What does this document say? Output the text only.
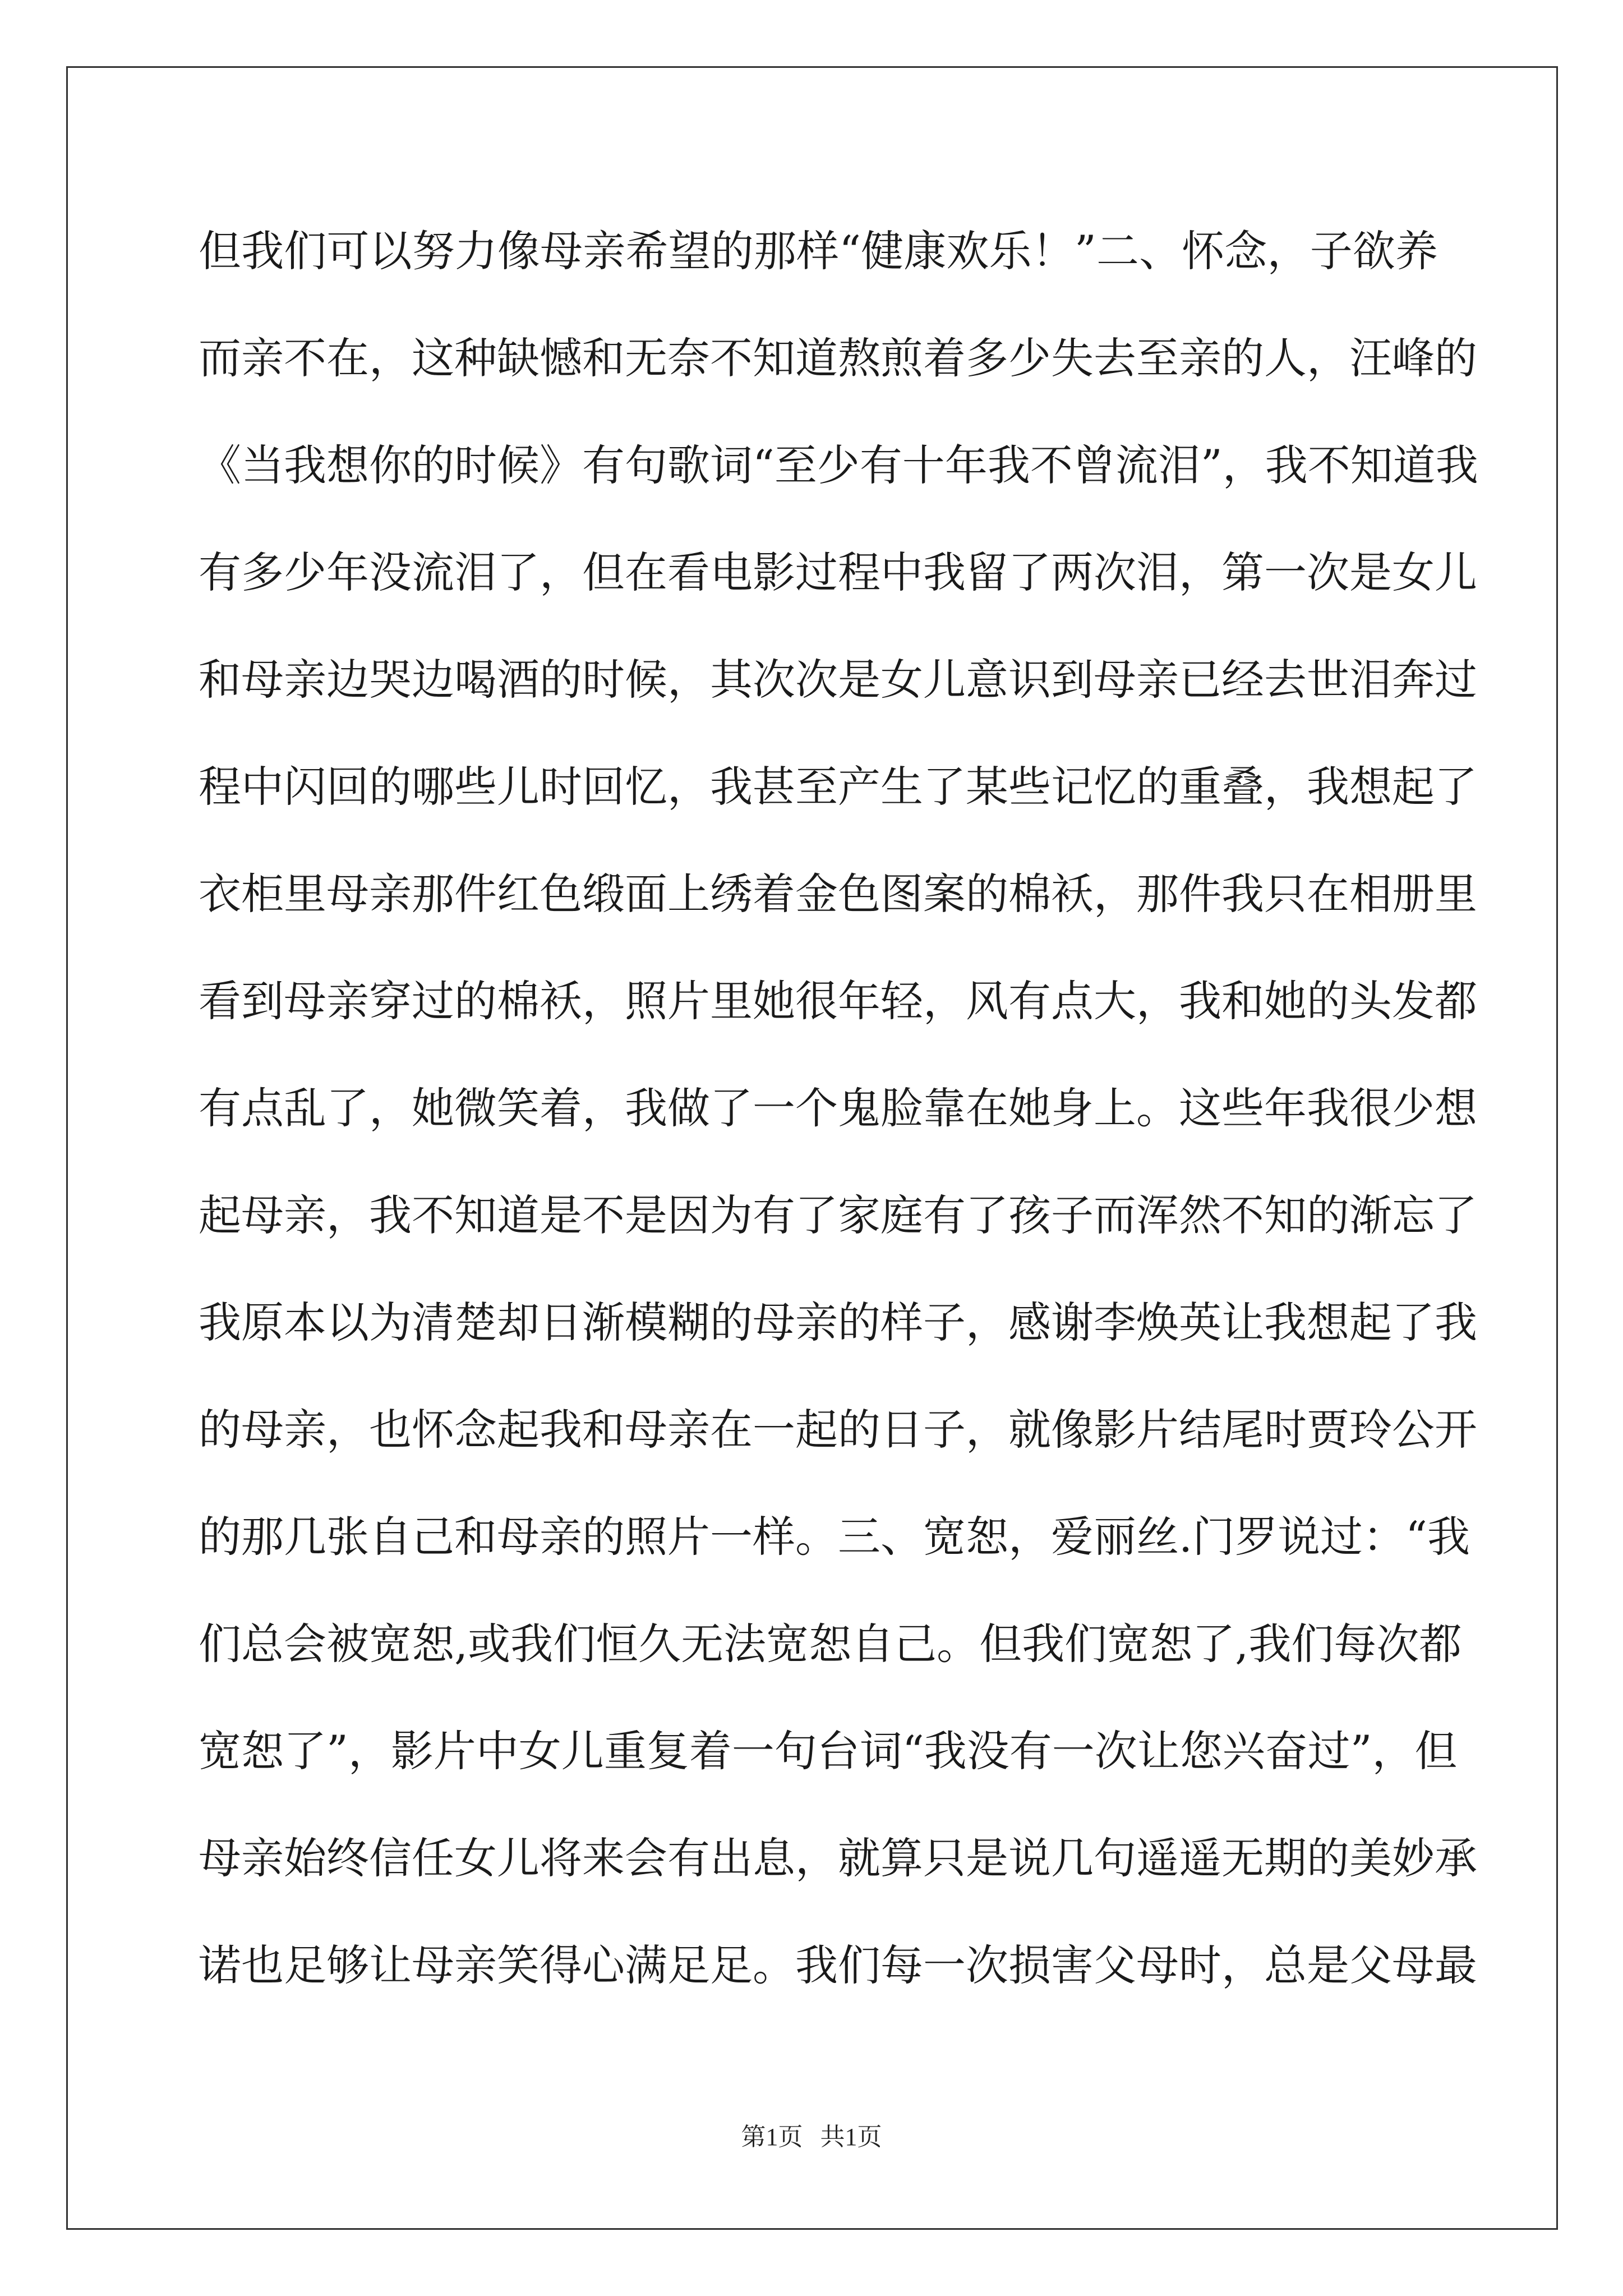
但我们可以努力像母亲希望的那样“健康欢乐！”二、怀念，子欲养
而亲不在，这种缺憾和无奈不知道熬煎着多少失去至亲的人，汪峰的
《当我想你的时候》有句歌词“至少有十年我不曾流泪”，我不知道我
有多少年没流泪了，但在看电影过程中我留了两次泪，第一次是女儿
和母亲边哭边喝酒的时候，其次次是女儿意识到母亲已经去世泪奔过
程中闪回的哪些儿时回忆，我甚至产生了某些记忆的重叠，我想起了
衣柜里母亲那件红色缎面上绣着金色图案的棉袄，那件我只在相册里
看到母亲穿过的棉袄，照片里她很年轻，风有点大，我和她的头发都
有点乱了，她微笑着，我做了一个鬼脸靠在她身上。这些年我很少想
起母亲，我不知道是不是因为有了家庭有了孩子而浑然不知的渐忘了
我原本以为清楚却日渐模糊的母亲的样子，感谢李焕英让我想起了我
的母亲，也怀念起我和母亲在一起的日子，就像影片结尾时贾玲公开
的那几张自己和母亲的照片一样。三、宽恕，爱丽丝.门罗说过：“我
们总会被宽恕,或我们恒久无法宽恕自己。但我们宽恕了,我们每次都
宽恕了”，影片中女儿重复着一句台词“我没有一次让您兴奋过”，但
母亲始终信任女儿将来会有出息，就算只是说几句遥遥无期的美妙承
诺也足够让母亲笑得心满足足。我们每一次损害父母时，总是父母最
第1页 共1页
